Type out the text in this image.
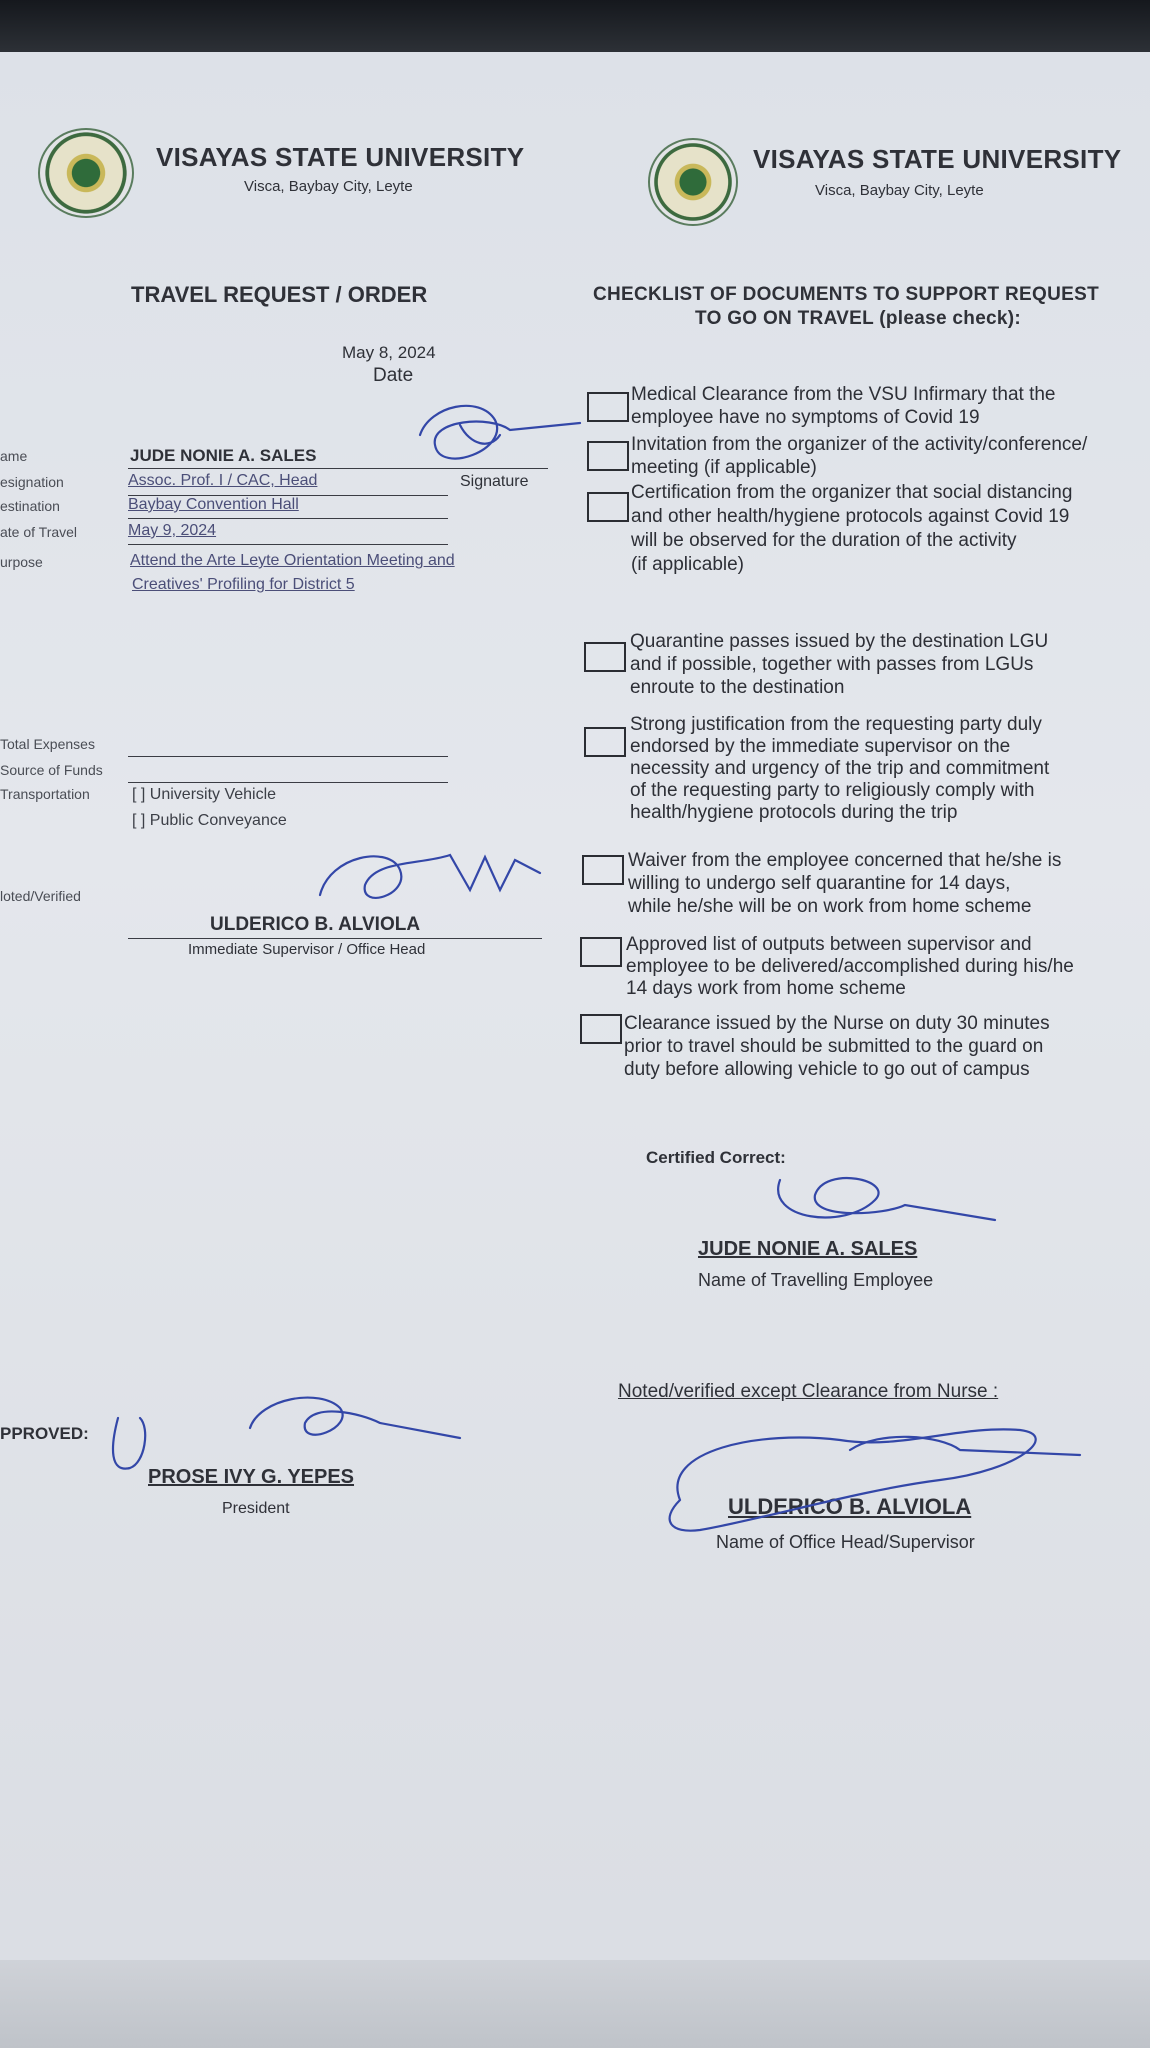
VISAYAS STATE UNIVERSITY
Visca, Baybay City, Leyte
VISAYAS STATE UNIVERSITY
Visca, Baybay City, Leyte
TRAVEL REQUEST / ORDER
May 8, 2024
Date
ame	JUDE NONIE A. SALES
Signature
esignation	Assoc. Prof. I / CAC, Head
estination	Baybay Convention Hall
ate of Travel	May 9, 2024
urpose	Attend the Arte Leyte Orientation Meeting and
Creatives' Profiling for District 5
Total Expenses
Source of Funds
Transportation	[ ] University Vehicle
[ ] Public Conveyance
loted/Verified
ULDERICO B. ALVIOLA
Immediate Supervisor / Office Head
PPROVED:
PROSE IVY G. YEPES
President
CHECKLIST OF DOCUMENTS TO SUPPORT REQUEST
TO GO ON TRAVEL (please check):
Medical Clearance from the VSU Infirmary that the
employee have no symptoms of Covid 19
Invitation from the organizer of the activity/conference/
meeting (if applicable)
Certification from the organizer that social distancing
and other health/hygiene protocols against Covid 19
will be observed for the duration of the activity
(if applicable)
Quarantine passes issued by the destination LGU
and if possible, together with passes from LGUs
enroute to the destination
Strong justification from the requesting party duly
endorsed by the immediate supervisor on the
necessity and urgency of the trip and commitment
of the requesting party to religiously comply with
health/hygiene protocols during the trip
Waiver from the employee concerned that he/she is
willing to undergo self quarantine for 14 days,
while he/she will be on work from home scheme
Approved list of outputs between supervisor and
employee to be delivered/accomplished during his/he
14 days work from home scheme
Clearance issued by the Nurse on duty 30 minutes
prior to travel should be submitted to the guard on
duty before allowing vehicle to go out of campus
Certified Correct:
JUDE NONIE A. SALES
Name of Travelling Employee
Noted/verified except Clearance from Nurse :
ULDERICO B. ALVIOLA
Name of Office Head/Supervisor
